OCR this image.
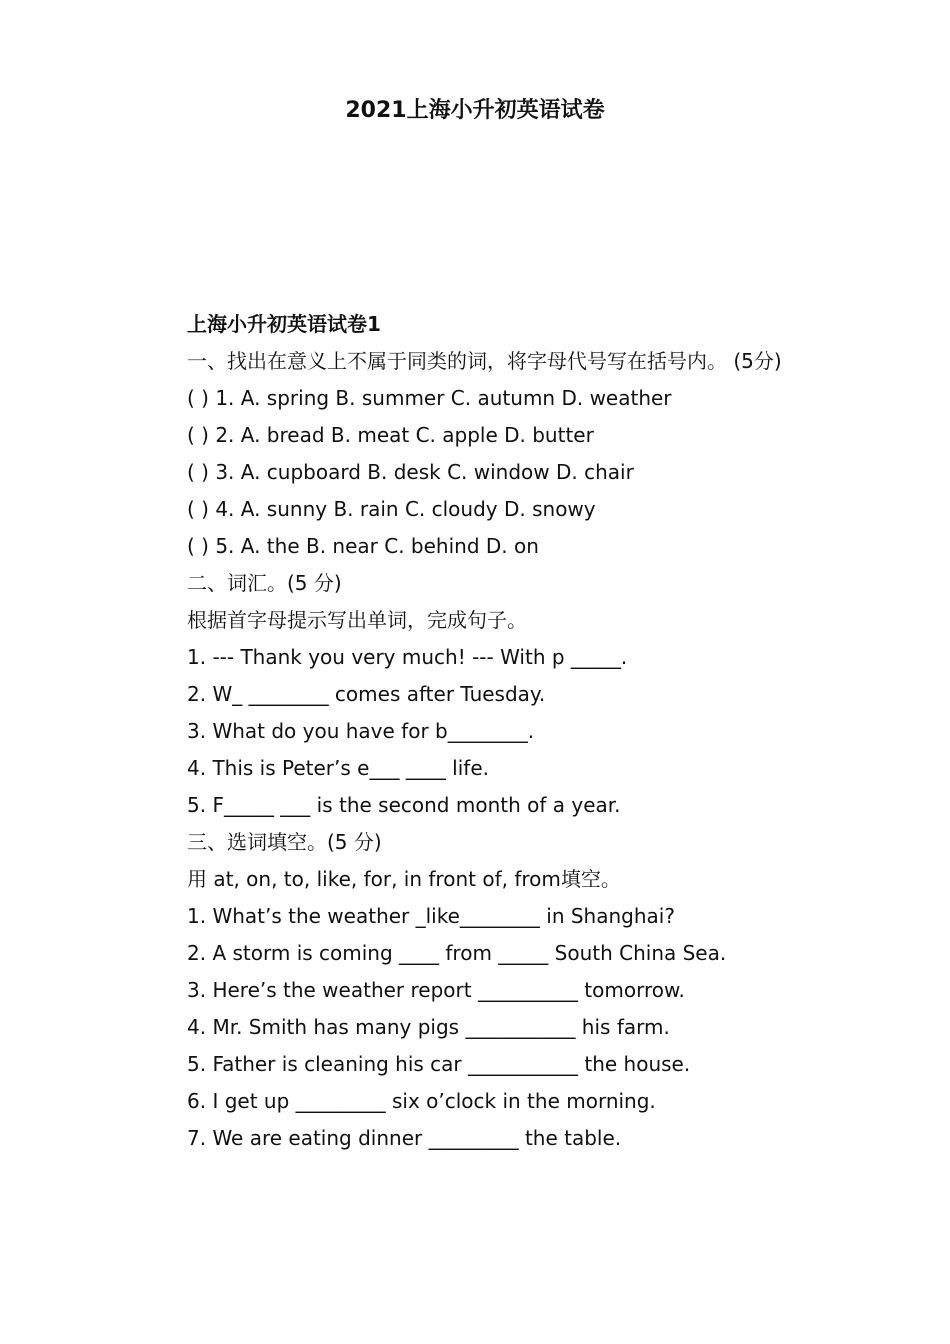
2021上海小升初英语试卷
上海小升初英语试卷1
一、找出在意义上不属于同类的词，将字母代号写在括号内。 (5分)
( ) 1. A. spring B. summer C. autumn D. weather
( ) 2. A. bread B. meat C. apple D. butter
( ) 3. A. cupboard B. desk C. window D. chair
( ) 4. A. sunny B. rain C. cloudy D. snowy
( ) 5. A. the B. near C. behind D. on
二、词汇。(5 分)
根据首字母提示写出单词，完成句子。
1. --- Thank you very much! --- With p _____.
2. W_ ________ comes after Tuesday.
3. What do you have for b________.
4. This is Peter’s e___ ____ life.
5. F_____ ___ is the second month of a year.
三、选词填空。(5 分)
用 at, on, to, like, for, in front of, from填空。
1. What’s the weather _like________ in Shanghai?
2. A storm is coming ____ from _____ South China Sea.
3. Here’s the weather report __________ tomorrow.
4. Mr. Smith has many pigs ___________ his farm.
5. Father is cleaning his car ___________ the house.
6. I get up _________ six o’clock in the morning.
7. We are eating dinner _________ the table.
